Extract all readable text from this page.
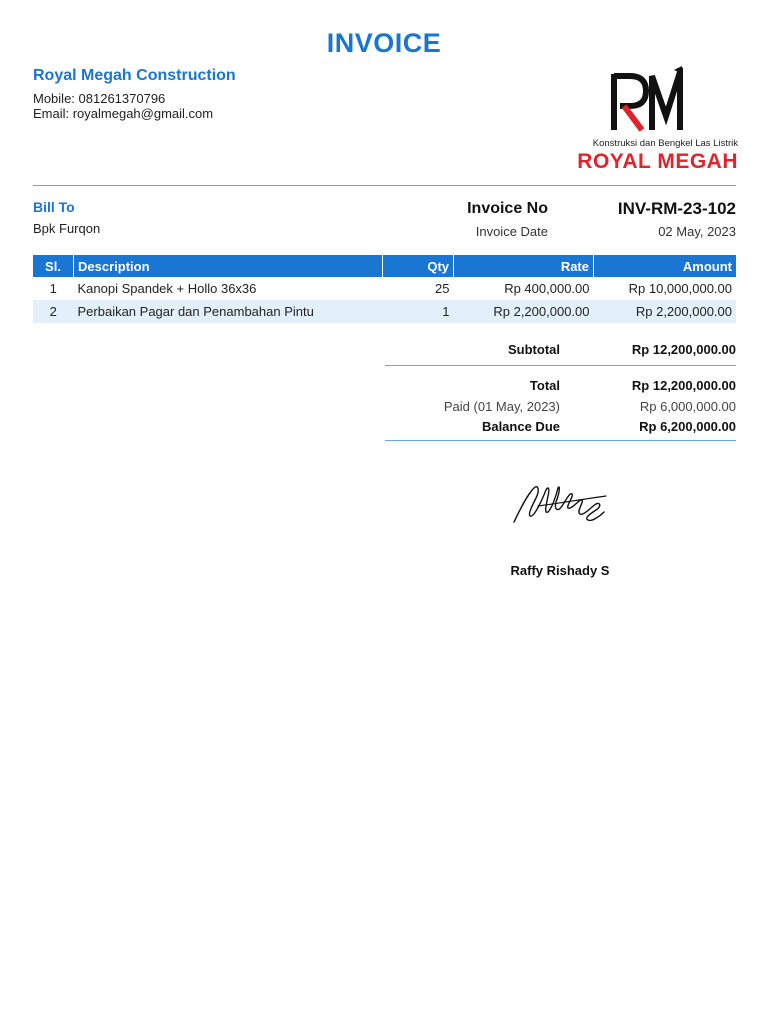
INVOICE
Royal Megah Construction
Mobile: 081261370796
Email: royalmegah@gmail.com
Konstruksi dan Bengkel Las Listrik
ROYAL MEGAH
Bill To
Bpk Furqon
Invoice No	INV-RM-23-102
Invoice Date	02 May, 2023
Sl.	Description	Qty	Rate	Amount
1	Kanopi Spandek + Hollo 36x36	25	Rp 400,000.00	Rp 10,000,000.00
2	Perbaikan Pagar dan Penambahan Pintu	1	Rp 2,200,000.00	Rp 2,200,000.00
Subtotal	Rp 12,200,000.00
Total	Rp 12,200,000.00
Paid (01 May, 2023)	Rp 6,000,000.00
Balance Due	Rp 6,200,000.00
Raffy Rishady S
